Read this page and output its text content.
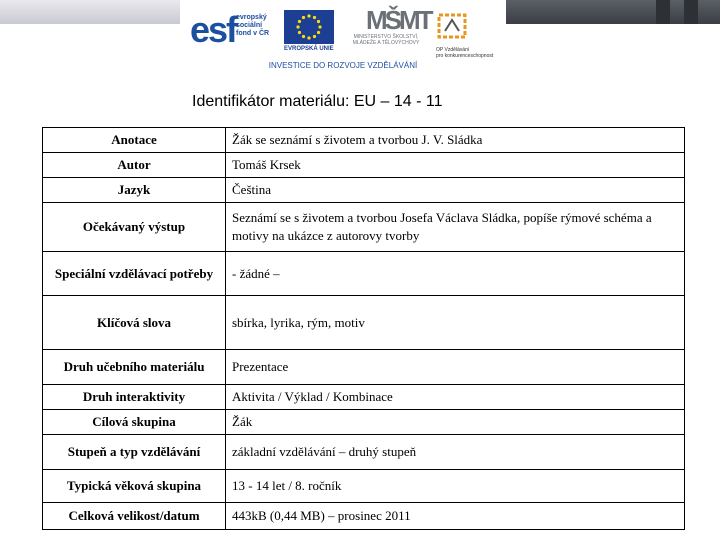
esf evropský
sociální
fond v ČR
EVROPSKÁ UNIE
MŠMT
MINISTERSTVO ŠKOLSTVÍ,
MLÁDEŽE A TĚLOVÝCHOVY
OP Vzdělávání
pro konkurenceschopnost
INVESTICE DO ROZVOJE VZDĚLÁVÁNÍ
Identifikátor materiálu: EU – 14 - 11
Anotace	Žák se seznámí s životem a tvorbou J. V. Sládka
Autor	Tomáš Krsek
Jazyk	Čeština
Očekávaný výstup	Seznámí se s životem a tvorbou Josefa Václava Sládka, popíše rýmové schéma a motivy na ukázce z autorovy tvorby
Speciální vzdělávací potřeby	- žádné –
Klíčová slova	sbírka, lyrika, rým, motiv
Druh učebního materiálu	Prezentace
Druh interaktivity	Aktivita / Výklad / Kombinace
Cílová skupina	Žák
Stupeň a typ vzdělávání	základní vzdělávání – druhý stupeň
Typická věková skupina	13 - 14 let / 8. ročník
Celková velikost/datum	443kB (0,44 MB) – prosinec 2011
